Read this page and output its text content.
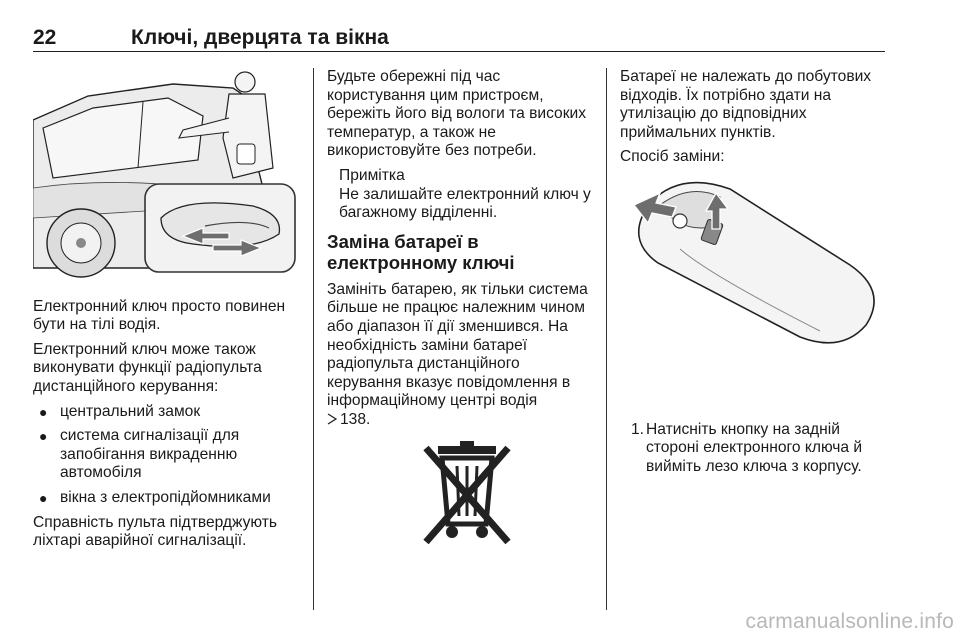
22	Ключі, дверцята та вікна

Електронний ключ просто повинен бути на тілі водія.

Електронний ключ може також виконувати функції радіопульта дистанційного керування:

● центральний замок
● система сигналізації для запобігання викраденню автомобіля
● вікна з електропідйомниками

Справність пульта підтверджують ліхтарі аварійної сигналізації.

Будьте обережні під час користування цим пристроєм, бережіть його від вологи та високих температур, а також не використовуйте без потреби.

Примітка
Не залишайте електронний ключ у багажному відділенні.
Заміна батареї в електронному ключі

Замініть батарею, як тільки система більше не працює належним чином або діапазон її дії зменшився. На необхідність заміни батареї радіопульта дистанційного керування вказує повідомлення в інформаційному центрі водія
138.

Батареї не належать до побутових відходів. Їх потрібно здати на утилізацію до відповідних приймальних пунктів.

Спосіб заміни:

1. Натисніть кнопку на задній стороні електронного ключа й вийміть лезо ключа з корпусу.
carmanualsonline.info
